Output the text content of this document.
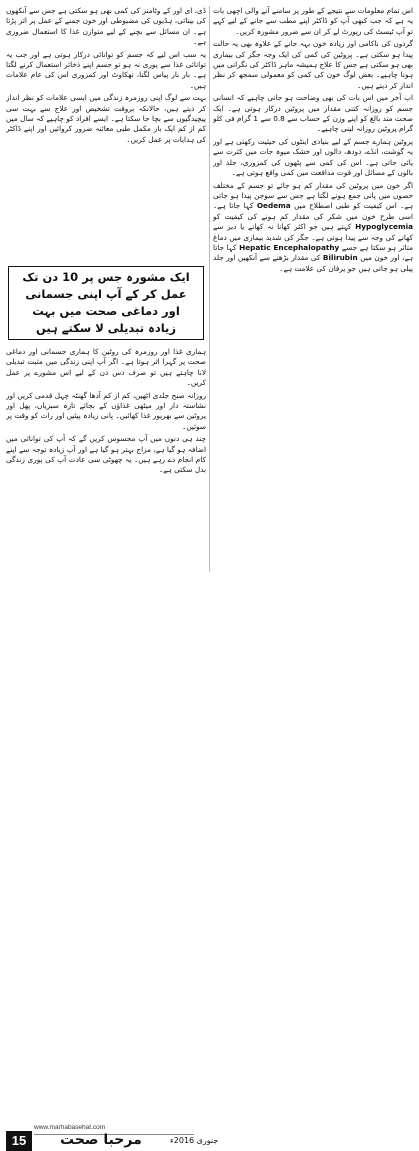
اس تمام معلومات سے نتیجے کے طور پر سامنے آنے والی اچھی بات یہ ہے کہ جب کبھی آپ کو ڈاکٹر اپنے مطب سے جانے کے لیے کہے تو آپ ٹیسٹ کی رپورٹ لے کر ان سے ضرور مشورہ کریں۔

گردوں کی ناکامی اور زیادہ خون بہہ جانے کے علاوہ بھی یہ حالت پیدا ہو سکتی ہے۔ پروٹین کی کمی کی ایک وجہ جگر کی بیماری بھی ہو سکتی ہے جس کا علاج ہمیشہ ماہر ڈاکٹر کی نگرانی میں ہونا چاہیے۔ بعض لوگ خون کی کمی کو معمولی سمجھ کر نظر انداز کر دیتے ہیں۔

اب آخر میں اس بات کی بھی وضاحت ہو جانی چاہیے کہ انسانی جسم کو روزانہ کتنی مقدار میں پروٹین درکار ہوتی ہے۔ ایک صحت مند بالغ کو اپنے وزن کے حساب سے 0.8 سے 1 گرام فی کلو گرام پروٹین روزانہ لینی چاہیے۔

پروٹین ہمارے جسم کے لیے بنیادی اینٹوں کی حیثیت رکھتی ہے اور یہ گوشت، انڈے، دودھ، دالوں اور خشک میوہ جات میں کثرت سے پائی جاتی ہے۔ اس کی کمی سے پٹھوں کی کمزوری، جلد اور بالوں کے مسائل اور قوت مدافعت میں کمی واقع ہوتی ہے۔

اگر خون میں پروٹین کی مقدار کم ہو جائے تو جسم کے مختلف حصوں میں پانی جمع ہونے لگتا ہے جس سے سوجن پیدا ہو جاتی ہے۔ اس کیفیت کو طبی اصطلاح میں Oedema کہا جاتا ہے۔ اسی طرح خون میں شکر کی مقدار کم ہونے کی کیفیت کو Hypoglycemia کہتے ہیں جو اکثر کھانا نہ کھانے یا دیر سے کھانے کی وجہ سے پیدا ہوتی ہے۔ جگر کی شدید بیماری میں دماغ متاثر ہو سکتا ہے جسے Hepatic Encephalopathy کہا جاتا ہے، اور خون میں Bilirubin کی مقدار بڑھنے سے آنکھیں اور جلد پیلی ہو جاتی ہیں جو یرقان کی علامت ہے۔

ڈی، ای اور کے وٹامنز کی کمی بھی ہو سکتی ہے جس سے آنکھوں کی بینائی، ہڈیوں کی مضبوطی اور خون جمنے کے عمل پر اثر پڑتا ہے۔ ان مسائل سے بچنے کے لیے متوازن غذا کا استعمال ضروری ہے۔

یہ سب اس لیے کہ جسم کو توانائی درکار ہوتی ہے اور جب یہ توانائی غذا سے پوری نہ ہو تو جسم اپنے ذخائر استعمال کرنے لگتا ہے۔ بار بار پیاس لگنا، تھکاوٹ اور کمزوری اس کی عام علامات ہیں۔

بہت سے لوگ اپنی روزمرہ زندگی میں ایسی علامات کو نظر انداز کر دیتے ہیں، حالانکہ بروقت تشخیص اور علاج سے بہت سی پیچیدگیوں سے بچا جا سکتا ہے۔ ایسے افراد کو چاہیے کہ سال میں کم از کم ایک بار مکمل طبی معائنہ ضرور کروائیں اور اپنے ڈاکٹر کی ہدایات پر عمل کریں۔

ایک مشورہ جس پر 10 دن تک عمل کر کے آپ اپنی جسمانی اور دماغی صحت میں بہت زیادہ تبدیلی لا سکتے ہیں

ہماری غذا اور روزمرہ کی روٹین کا ہماری جسمانی اور دماغی صحت پر گہرا اثر ہوتا ہے۔ اگر آپ اپنی زندگی میں مثبت تبدیلی لانا چاہتے ہیں تو صرف دس دن کے لیے اس مشورے پر عمل کریں۔

روزانہ صبح جلدی اٹھیں، کم از کم آدھا گھنٹہ چہل قدمی کریں اور نشاستہ دار اور میٹھی غذاؤں کے بجائے تازہ سبزیاں، پھل اور پروٹین سے بھرپور غذا کھائیں۔ پانی زیادہ پیئیں اور رات کو وقت پر سوئیں۔

چند ہی دنوں میں آپ محسوس کریں گے کہ آپ کی توانائی میں اضافہ ہو گیا ہے، مزاج بہتر ہو گیا ہے اور آپ زیادہ توجہ سے اپنے کام انجام دے رہے ہیں۔ یہ چھوٹی سی عادت آپ کی پوری زندگی بدل سکتی ہے۔

www.marhabasehat.com
15	مرحبا صحت	جنوری 2016ء
